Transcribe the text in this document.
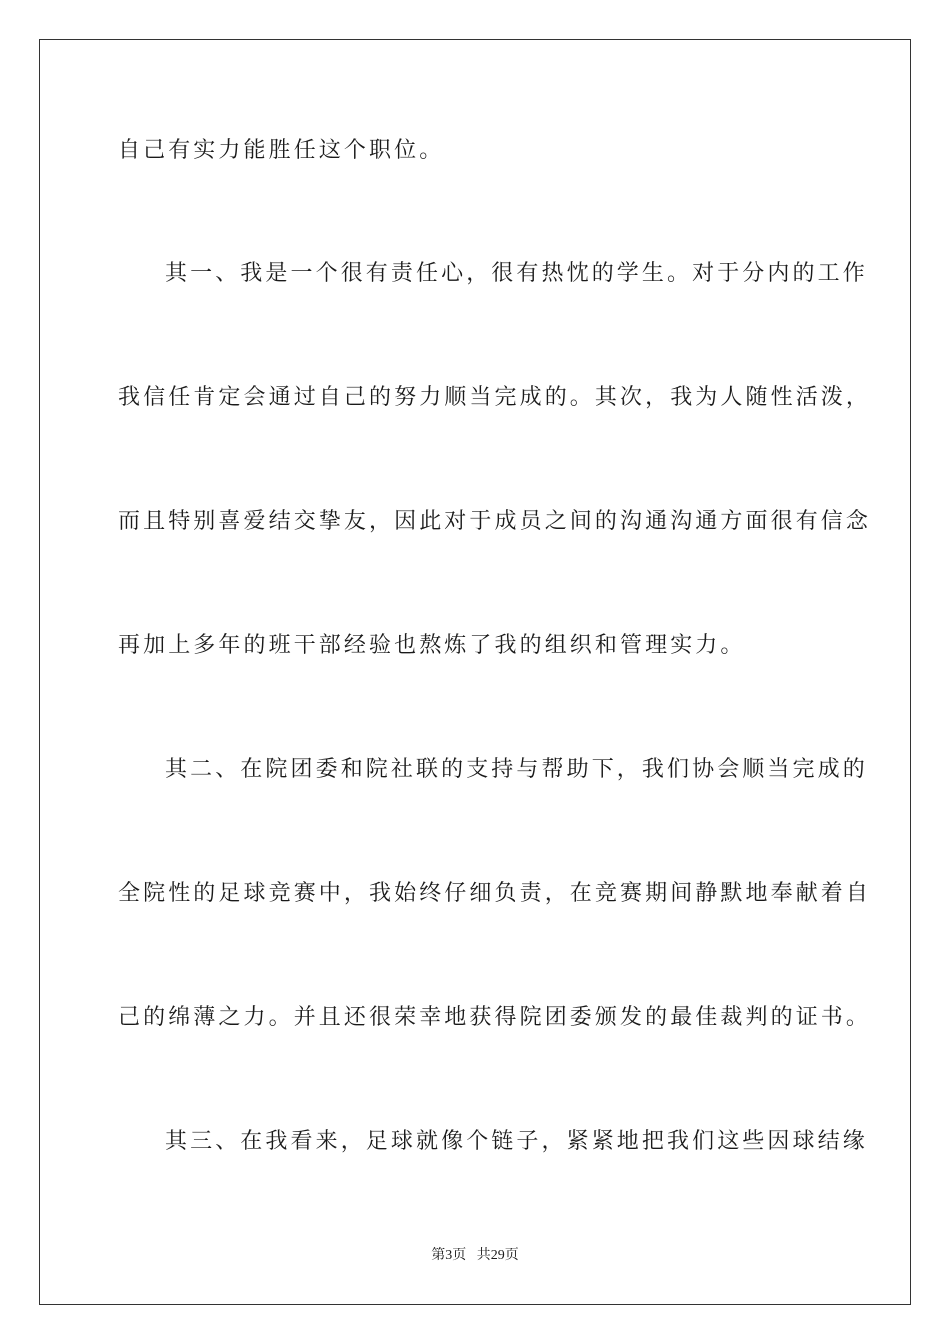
自己有实力能胜任这个职位。
其一、我是一个很有责任心，很有热忱的学生。对于分内的工作
我信任肯定会通过自己的努力顺当完成的。其次，我为人随性活泼，
而且特别喜爱结交挚友，因此对于成员之间的沟通沟通方面很有信念
再加上多年的班干部经验也熬炼了我的组织和管理实力。
其二、在院团委和院社联的支持与帮助下，我们协会顺当完成的
全院性的足球竞赛中，我始终仔细负责，在竞赛期间静默地奉献着自
己的绵薄之力。并且还很荣幸地获得院团委颁发的最佳裁判的证书。
其三、在我看来，足球就像个链子，紧紧地把我们这些因球结缘
第3页 共29页
